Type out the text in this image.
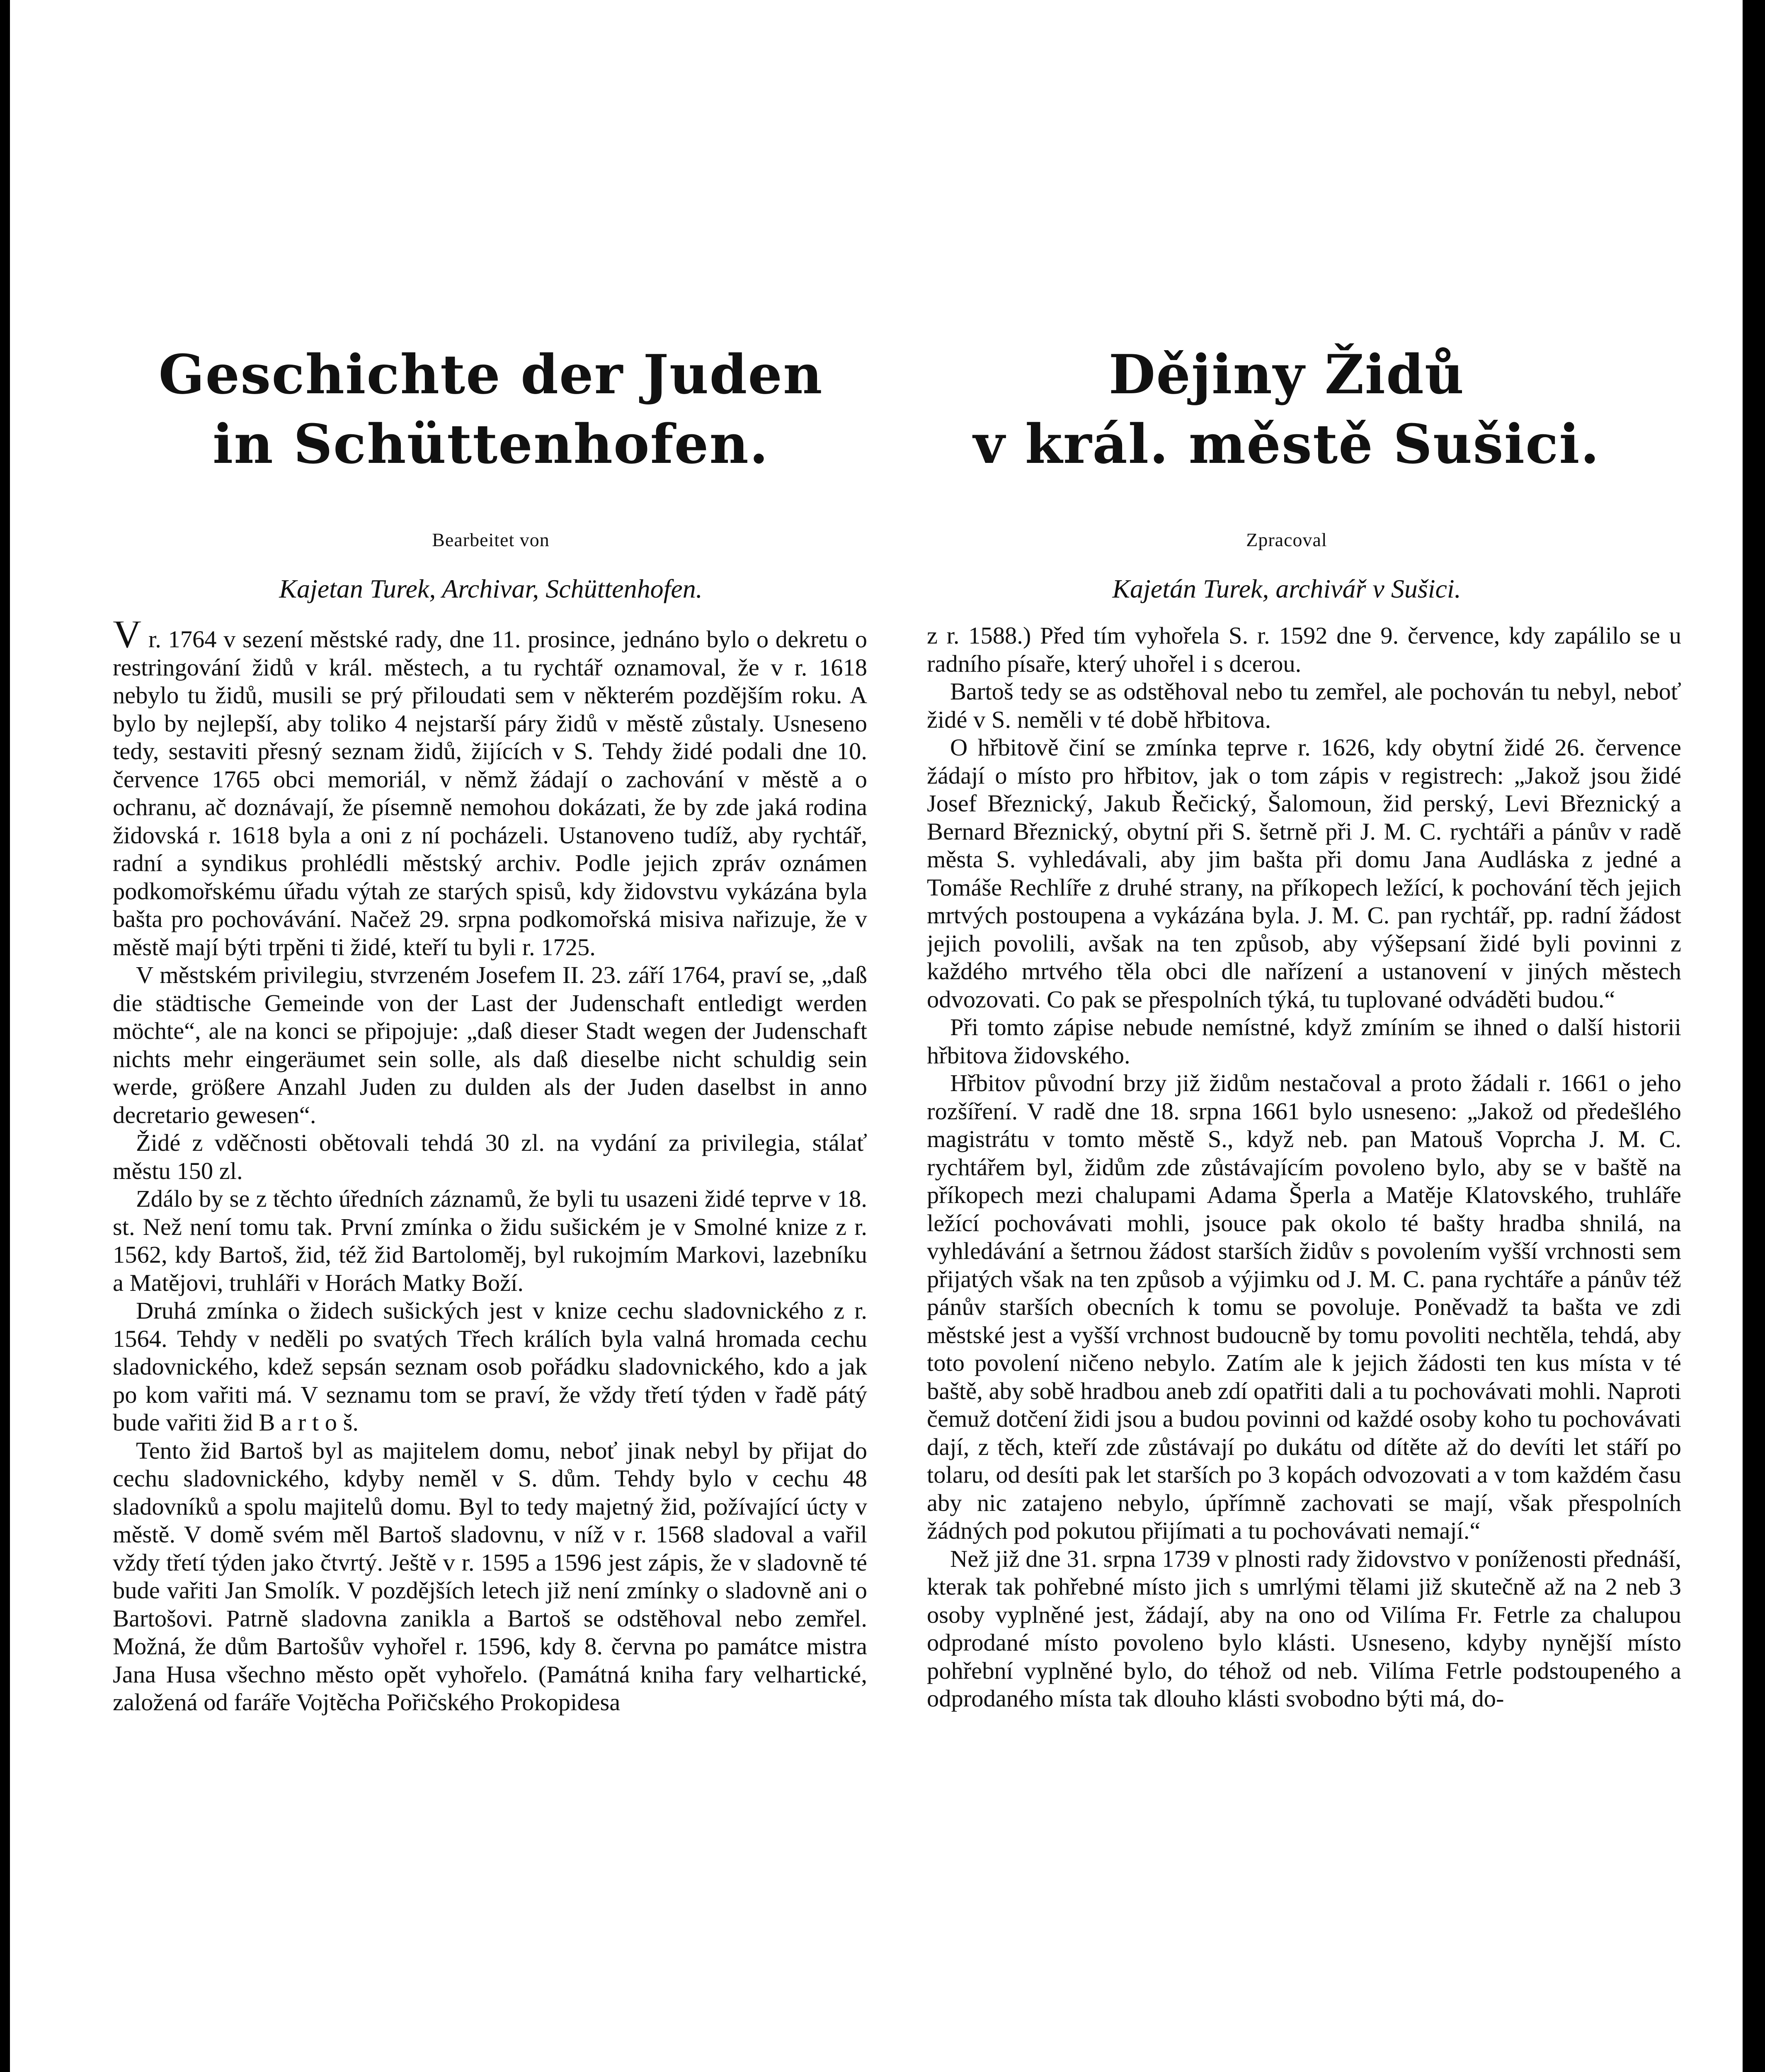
Geschichte der Juden
in Schüttenhofen.
Bearbeitet von
Kajetan Turek, Archivar, Schüttenhofen.
Dějiny Židů
v král. městě Sušici.
Zpracoval
Kajetán Turek, archivář v Sušici.

V r. 1764 v sezení městské rady, dne 11. prosince, jednáno bylo o dekretu o restringování židů v král. městech, a tu rychtář oznamoval, že v r. 1618 nebylo tu židů, musili se prý přiloudati sem v některém pozdějším roku. A bylo by nejlepší, aby toliko 4 nejstarší páry židů v městě zůstaly. Usneseno tedy, sestaviti přesný seznam židů, žijících v S. Tehdy židé podali dne 10. července 1765 obci memoriál, v němž žádají o zachování v městě a o ochranu, ač doznávají, že písemně nemohou dokázati, že by zde jaká rodina židovská r. 1618 byla a oni z ní pocházeli. Ustanoveno tudíž, aby rychtář, radní a syndikus prohlédli městský archiv. Podle jejich zpráv oznámen podkomořskému úřadu výtah ze starých spisů, kdy židovstvu vykázána byla bašta pro pochovávání. Načež 29. srpna podkomořská misiva nařizuje, že v městě mají býti trpěni ti židé, kteří tu byli r. 1725.

V městském privilegiu, stvrzeném Josefem II. 23. září 1764, praví se, „daß die städtische Gemeinde von der Last der Judenschaft entledigt werden möchte“, ale na konci se připojuje: „daß dieser Stadt wegen der Judenschaft nichts mehr eingeräumet sein solle, als daß dieselbe nicht schuldig sein werde, größere Anzahl Juden zu dulden als der Juden daselbst in anno decretario gewesen“.

Židé z vděčnosti obětovali tehdá 30 zl. na vydání za privilegia, stálať městu 150 zl.

Zdálo by se z těchto úředních záznamů, že byli tu usazeni židé teprve v 18. st. Než není tomu tak. První zmínka o židu sušickém je v Smolné knize z r. 1562, kdy Bartoš, žid, též žid Bartoloměj, byl rukojmím Markovi, lazebníku a Matějovi, truhláři v Horách Matky Boží.

Druhá zmínka o židech sušických jest v knize cechu sladovnického z r. 1564. Tehdy v neděli po svatých Třech králích byla valná hromada cechu sladovnického, kdež sepsán seznam osob pořádku sladovnického, kdo a jak po kom vařiti má. V seznamu tom se praví, že vždy třetí týden v řadě pátý bude vařiti žid B a r t o š.

Tento žid Bartoš byl as majitelem domu, neboť jinak nebyl by přijat do cechu sladovnického, kdyby neměl v S. dům. Tehdy bylo v cechu 48 sladovníků a spolu majitelů domu. Byl to tedy majetný žid, požívající úcty v městě. V domě svém měl Bartoš sladovnu, v níž v r. 1568 sladoval a vařil vždy třetí týden jako čtvrtý. Ještě v r. 1595 a 1596 jest zápis, že v sladovně té bude vařiti Jan Smolík. V pozdějších letech již není zmínky o sladovně ani o Bartošovi. Patrně sladovna zanikla a Bartoš se odstěhoval nebo zemřel. Možná, že dům Bartošův vyhořel r. 1596, kdy 8. června po památce mistra Jana Husa všechno město opět vyhořelo. (Památná kniha fary velhartické, založená od faráře Vojtěcha Pořičského Prokopidesa

z r. 1588.) Před tím vyhořela S. r. 1592 dne 9. července, kdy zapálilo se u radního písaře, který uhořel i s dcerou.

Bartoš tedy se as odstěhoval nebo tu zemřel, ale pochován tu nebyl, neboť židé v S. neměli v té době hřbitova.

O hřbitově činí se zmínka teprve r. 1626, kdy obytní židé 26. července žádají o místo pro hřbitov, jak o tom zápis v registrech: „Jakož jsou židé Josef Březnický, Jakub Řečický, Šalomoun, žid perský, Levi Březnický a Bernard Březnický, obytní při S. šetrně při J. M. C. rychtáři a pánův v radě města S. vyhledávali, aby jim bašta při domu Jana Audláska z jedné a Tomáše Rechlíře z druhé strany, na příkopech ležící, k pochování těch jejich mrtvých postoupena a vykázána byla. J. M. C. pan rychtář, pp. radní žádost jejich povolili, avšak na ten způsob, aby výšepsaní židé byli povinni z každého mrtvého těla obci dle nařízení a ustanovení v jiných městech odvozovati. Co pak se přespolních týká, tu tuplované odváděti budou.“

Při tomto zápise nebude nemístné, když zmíním se ihned o další historii hřbitova židovského.

Hřbitov původní brzy již židům nestačoval a proto žádali r. 1661 o jeho rozšíření. V radě dne 18. srpna 1661 bylo usneseno: „Jakož od předešlého magistrátu v tomto městě S., když neb. pan Matouš Voprcha J. M. C. rychtářem byl, židům zde zůstávajícím povoleno bylo, aby se v baště na příkopech mezi chalupami Adama Šperla a Matěje Klatovského, truhláře ležící pochovávati mohli, jsouce pak okolo té bašty hradba shnilá, na vyhledávání a šetrnou žádost starších židův s povolením vyšší vrchnosti sem přijatých však na ten způsob a výjimku od J. M. C. pana rychtáře a pánův též pánův starších obecních k tomu se povoluje. Poněvadž ta bašta ve zdi městské jest a vyšší vrchnost budoucně by tomu povoliti nechtěla, tehdá, aby toto povolení ničeno nebylo. Zatím ale k jejich žádosti ten kus místa v té baště, aby sobě hradbou aneb zdí opatřiti dali a tu pochovávati mohli. Naproti čemuž dotčení židi jsou a budou povinni od každé osoby koho tu pochovávati dají, z těch, kteří zde zůstávají po dukátu od dítěte až do devíti let stáří po tolaru, od desíti pak let starších po 3 kopách odvozovati a v tom každém času aby nic zatajeno nebylo, úpřímně zachovati se mají, však přespolních žádných pod pokutou přijímati a tu pochovávati nemají.“

Než již dne 31. srpna 1739 v plnosti rady židovstvo v poníženosti přednáší, kterak tak pohřebné místo jich s umrlými tělami již skutečně až na 2 neb 3 osoby vyplněné jest, žádají, aby na ono od Vilíma Fr. Fetrle za chalupou odprodané místo povoleno bylo klásti. Usneseno, kdyby nynější místo pohřební vyplněné bylo, do téhož od neb. Vilíma Fetrle podstoupeného a odprodaného místa tak dlouho klásti svobodno býti má, do-
